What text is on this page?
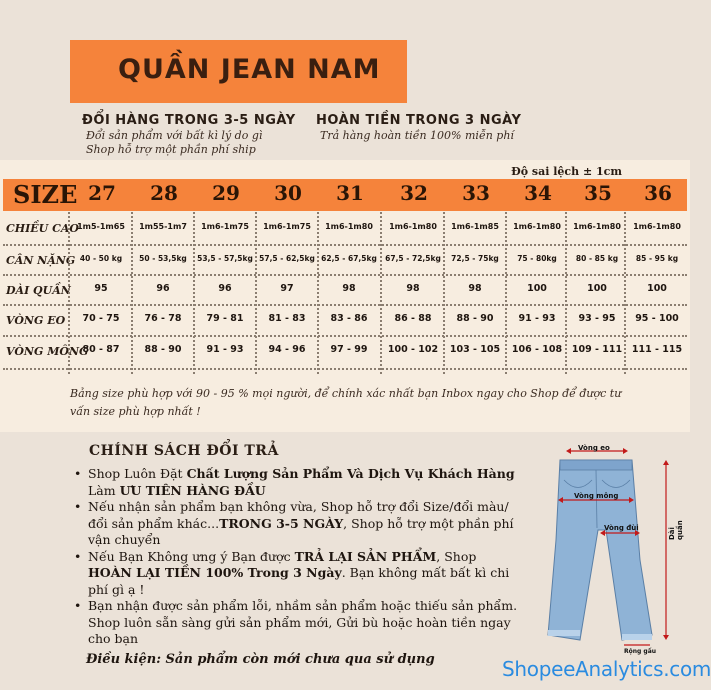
QUẦN JEAN NAM
ĐỔI HÀNG TRONG 3-5 NGÀY
Đổi sản phẩm với bất kì lý do gì
Shop hỗ trợ một phần phí ship
HOÀN TIỀN TRONG 3 NGÀY
Trả hàng hoàn tiền 100% miễn phí
Độ sai lệch ± 1cm
SIZE 27	28	29	30	31	32	33	34	35	36
CHIỀU CAO
1m5-1m65	1m55-1m7	1m6-1m75	1m6-1m75	1m6-1m80	1m6-1m80	1m6-1m85	1m6-1m80	1m6-1m80	1m6-1m80
CÂN NẶNG 40 - 50 kg	50 - 53,5kg	53,5 - 57,5kg 57,5 - 62,5kg 62,5 - 67,5kg	67,5 - 72,5kg	72,5 - 75kg	75 - 80kg	80 - 85 kg	85 - 95 kg
DÀI QUẦN	95	96	96	97	98	98	98	100	100	100
VÒNG EO	70 - 75	76 - 78	79 - 81	81 - 83	83 - 86	86 - 88	88 - 90	91 - 93	93 - 95	95 - 100
VÒNG MÔNG
80 - 87	88 - 90	91 - 93	94 - 96	97 - 99	100 - 102	103 - 105	106 - 108	109 - 111	111 - 115
Bảng size phù hợp với 90 - 95 % mọi người, để chính xác nhất bạn Inbox ngay cho Shop để được tư
vấn size phù hợp nhất !
CHÍNH SÁCH ĐỔI TRẢ
• Shop Luôn Đặt Chất Lượng Sản Phẩm Và Dịch Vụ Khách Hàng Làm ƯU TIÊN HÀNG ĐẦU
• Nếu nhận sản phẩm bạn không vừa, Shop hỗ trợ đổi Size/đổi màu/ đổi sản phẩm khác...TRONG 3-5 NGÀY, Shop hỗ trợ một phần phí vận chuyển
• Nếu Bạn Không ưng ý Bạn được TRẢ LẠI SẢN PHẨM, Shop HOÀN LẠI TIỀN 100% Trong 3 Ngày. Bạn không mất bất kì chi phí gì ạ !
• Bạn nhận được sản phẩm lỗi, nhầm sản phẩm hoặc thiếu sản phẩm. Shop luôn sẵn sàng gửi sản phẩm mới, Gửi bù hoặc hoàn tiền ngay cho bạn
Điều kiện: Sản phẩm còn mới chưa qua sử dụng
Vòng eo
Vòng mông
Vòng đùi	Dài quần
Rộng gấu
ShopeeAnalytics.com
